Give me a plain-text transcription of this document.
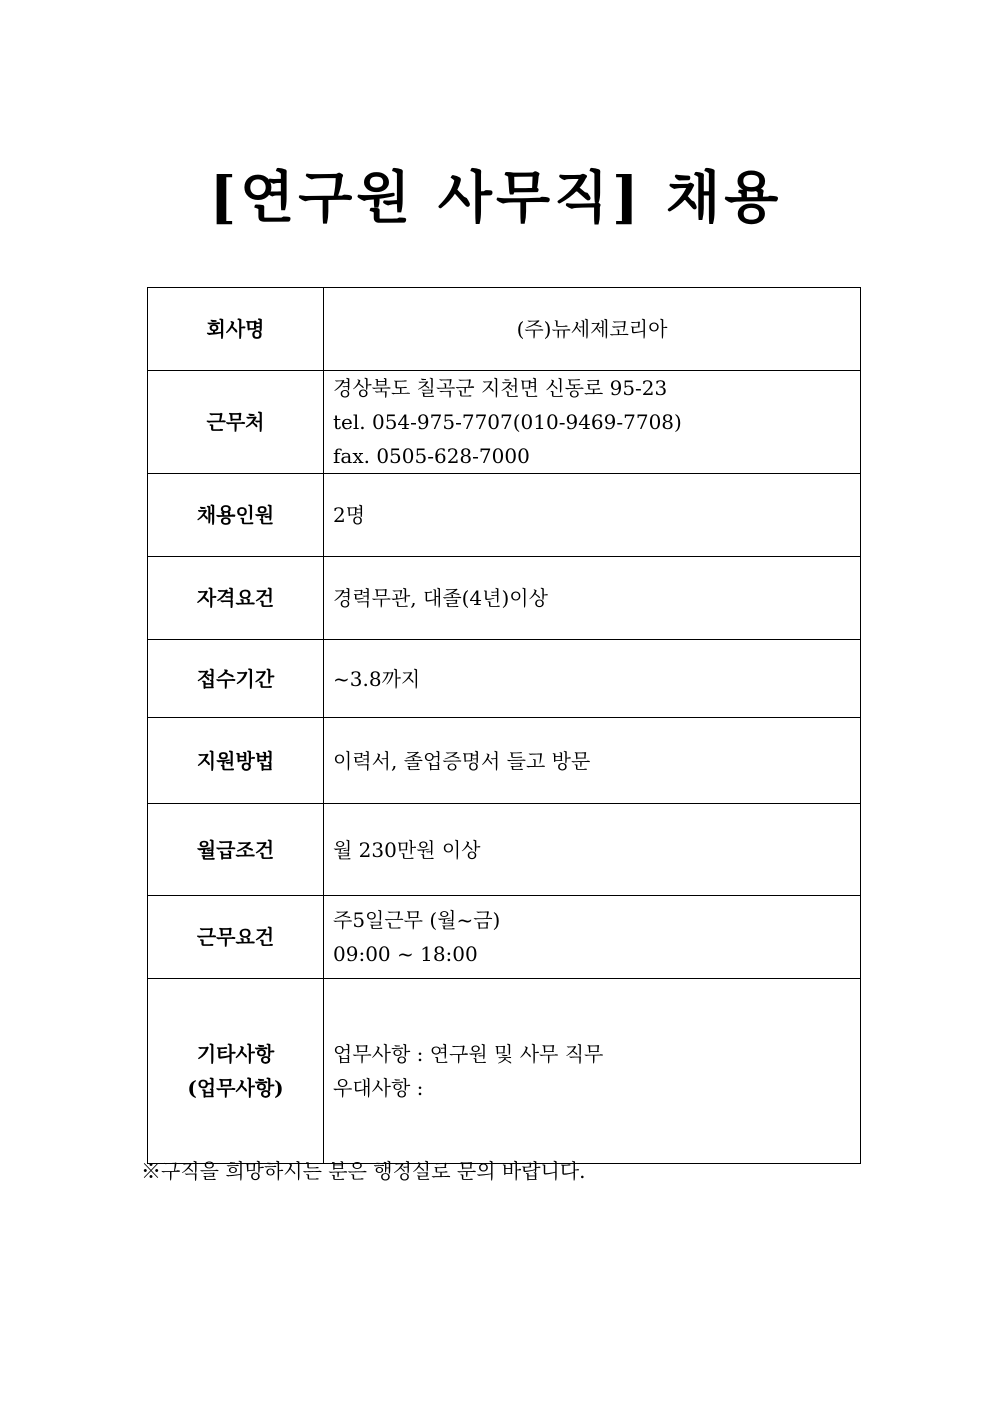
[연구원 사무직] 채용
회사명	(주)뉴세제코리아

근무처	경상북도 칠곡군 지천면 신동로 95-23
tel. 054-975-7707(010-9469-7708)
fax. 0505-628-7000

채용인원	2명

자격요건	경력무관, 대졸(4년)이상

접수기간	~3.8까지

지원방법	이력서, 졸업증명서 들고 방문

월급조건	월 230만원 이상

근무요건	주5일근무 (월~금)
09:00 ~ 18:00

기타사항
(업무사항)	업무사항 : 연구원 및 사무 직무
우대사항 :
※구직을 희망하시는 분은 행정실로 문의 바랍니다.
